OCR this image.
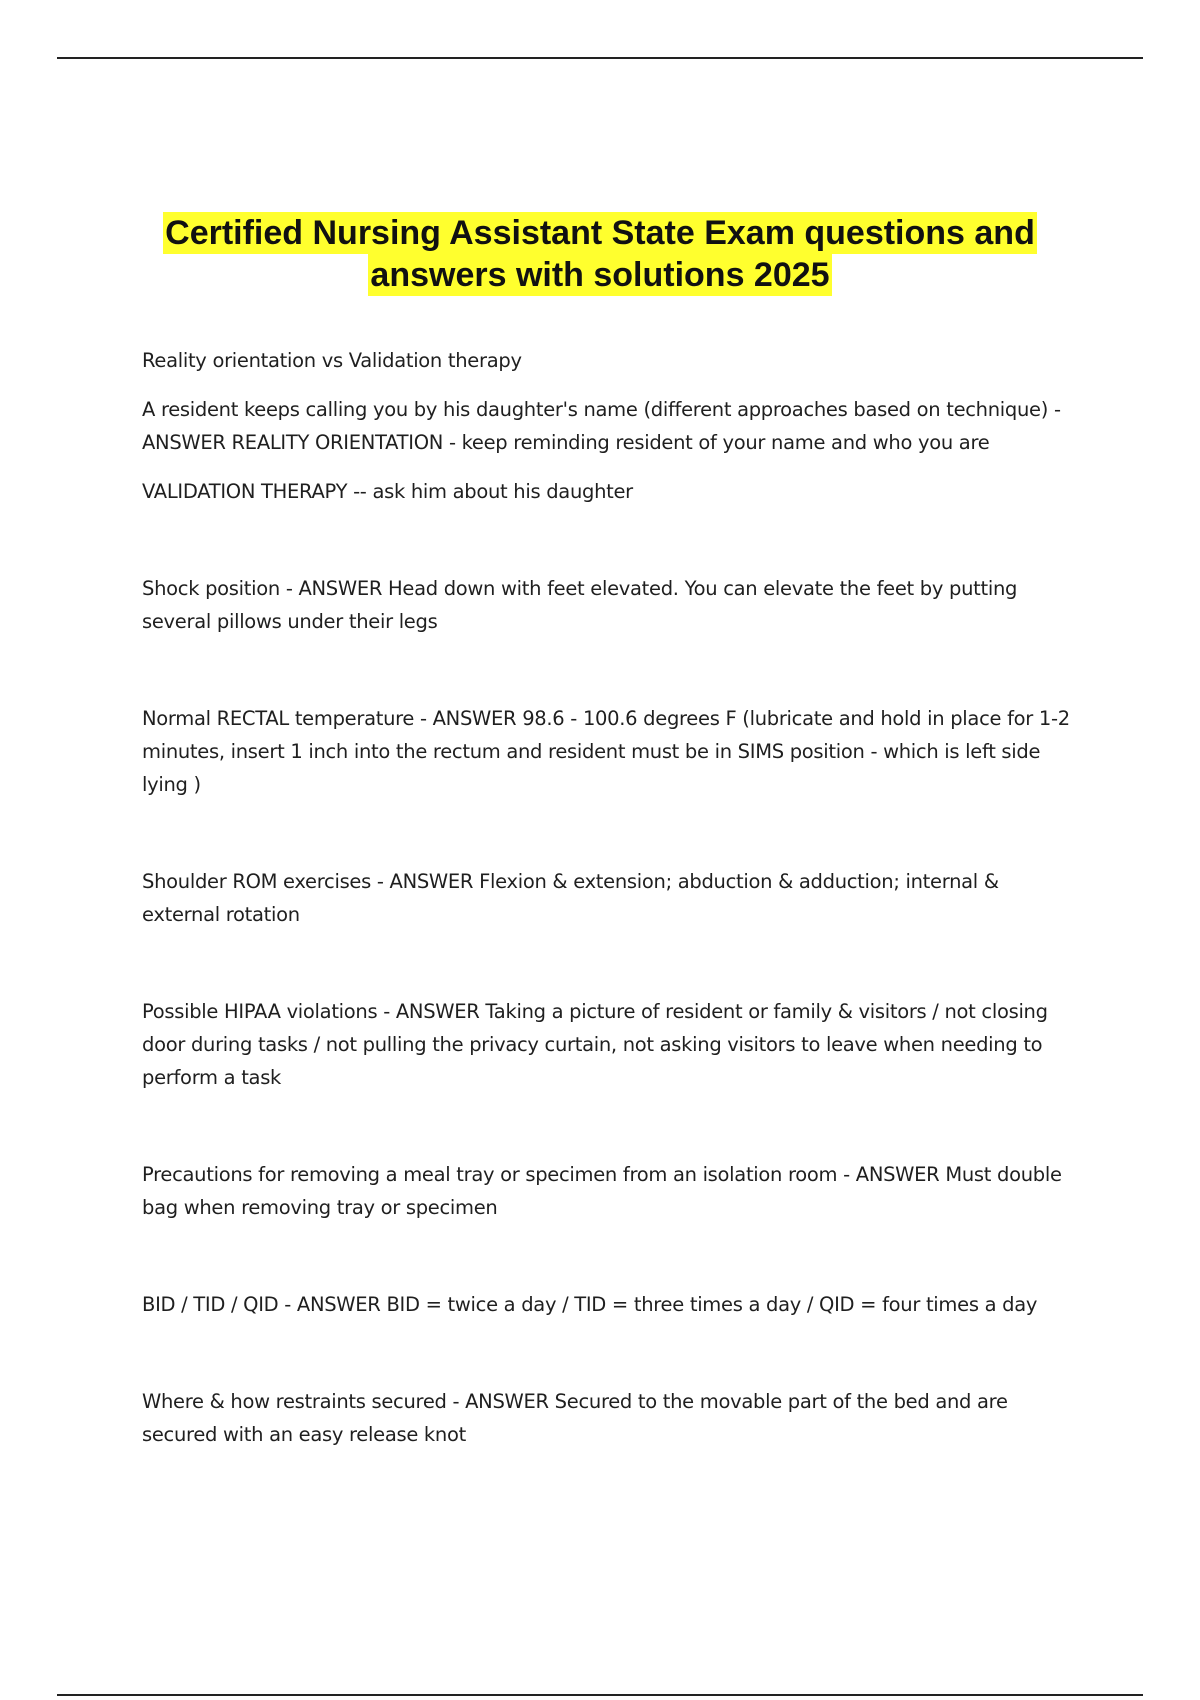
Certified Nursing Assistant State Exam questions and
answers with solutions 2025

Reality orientation vs Validation therapy

A resident keeps calling you by his daughter's name (different approaches based on technique) - ANSWER REALITY ORIENTATION - keep reminding resident of your name and who you are

VALIDATION THERAPY -- ask him about his daughter

Shock position - ANSWER Head down with feet elevated. You can elevate the feet by putting several pillows under their legs

Normal RECTAL temperature - ANSWER 98.6 - 100.6 degrees F (lubricate and hold in place for 1-2 minutes, insert 1 inch into the rectum and resident must be in SIMS position - which is left side lying )

Shoulder ROM exercises - ANSWER Flexion & extension; abduction & adduction; internal & external rotation

Possible HIPAA violations - ANSWER Taking a picture of resident or family & visitors / not closing door during tasks / not pulling the privacy curtain, not asking visitors to leave when needing to perform a task

Precautions for removing a meal tray or specimen from an isolation room - ANSWER Must double bag when removing tray or specimen

BID / TID / QID - ANSWER BID = twice a day / TID = three times a day / QID = four times a day

Where & how restraints secured - ANSWER Secured to the movable part of the bed and are secured with an easy release knot
